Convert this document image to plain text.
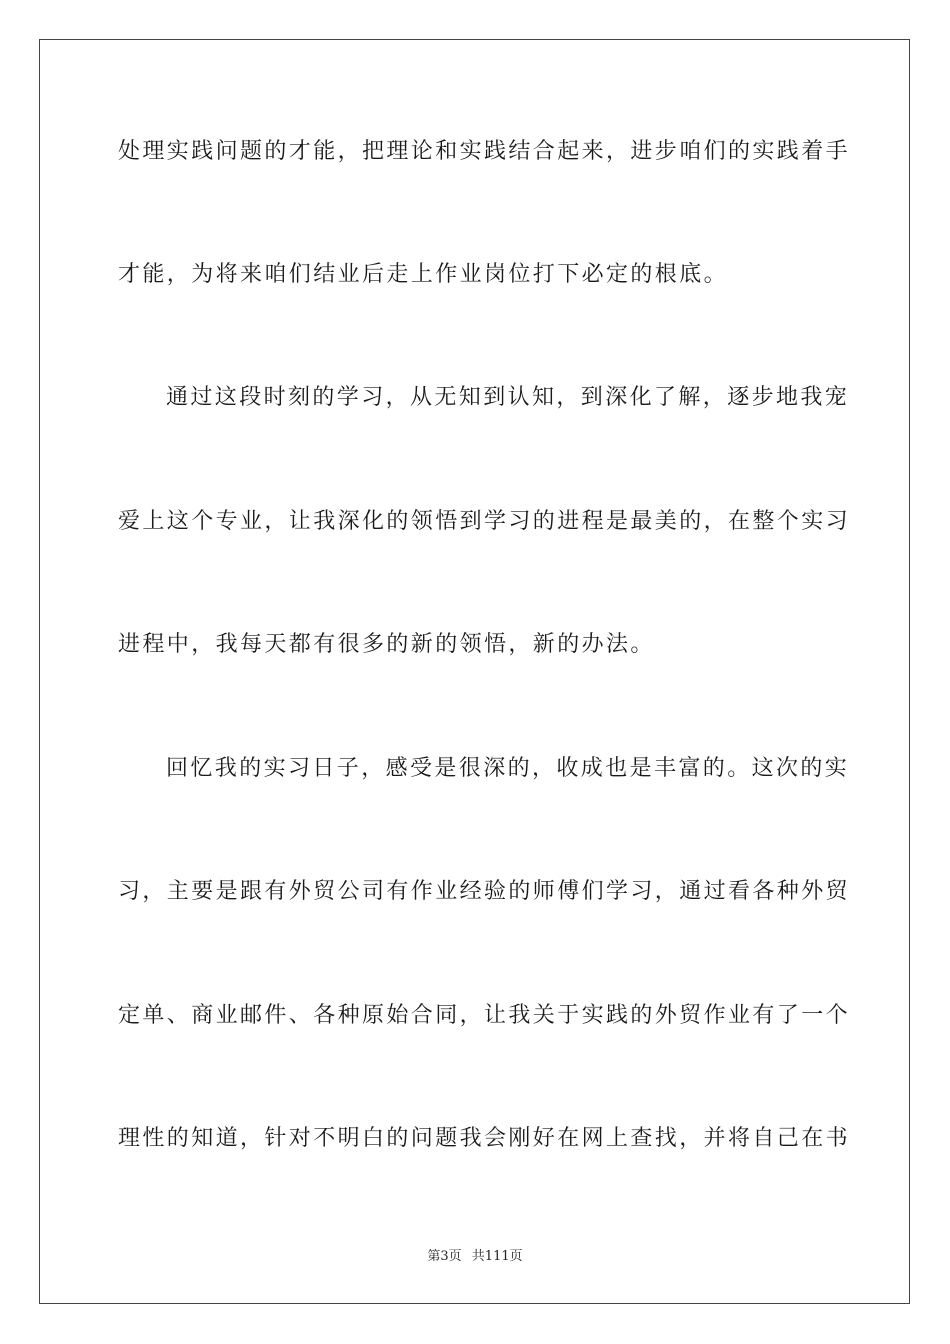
处理实践问题的才能，把理论和实践结合起来，进步咱们的实践着手
才能，为将来咱们结业后走上作业岗位打下必定的根底。
通过这段时刻的学习，从无知到认知，到深化了解，逐步地我宠
爱上这个专业，让我深化的领悟到学习的进程是最美的，在整个实习
进程中，我每天都有很多的新的领悟，新的办法。
回忆我的实习日子，感受是很深的，收成也是丰富的。这次的实
习，主要是跟有外贸公司有作业经验的师傅们学习，通过看各种外贸
定单、商业邮件、各种原始合同，让我关于实践的外贸作业有了一个
理性的知道，针对不明白的问题我会刚好在网上查找，并将自己在书
第3页 共111页
